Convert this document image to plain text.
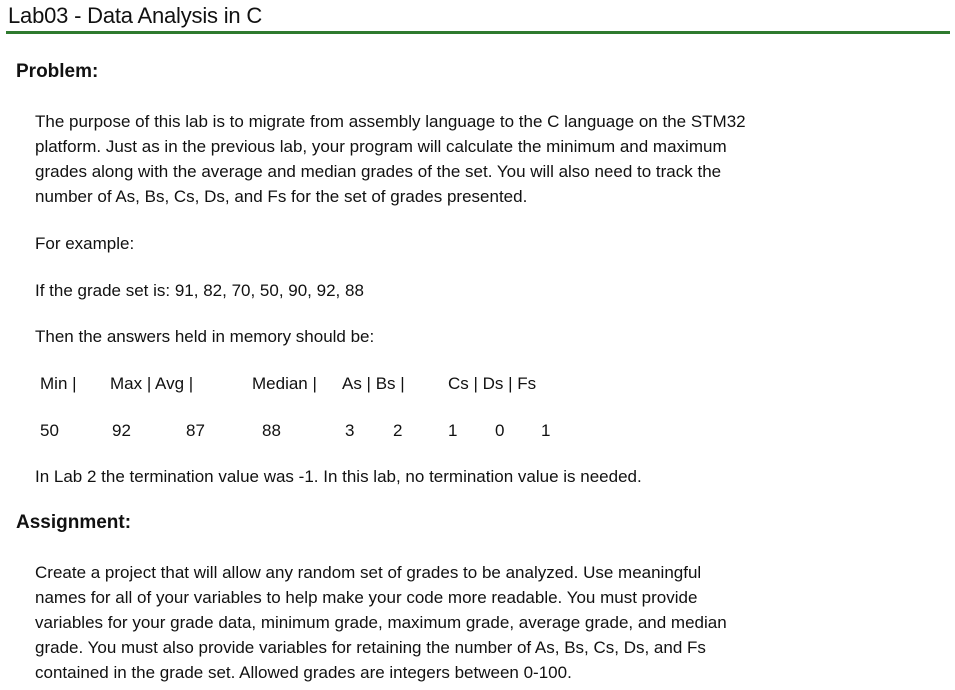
Lab03 - Data Analysis in C
Problem:
The purpose of this lab is to migrate from assembly language to the C language on the STM32
platform. Just as in the previous lab, your program will calculate the minimum and maximum
grades along with the average and median grades of the set. You will also need to track the
number of As, Bs, Cs, Ds, and Fs for the set of grades presented.
For example:
If the grade set is: 91, 82, 70, 50, 90, 92, 88
Then the answers held in memory should be:
Min | Max | Avg |	Median | As | Bs |	Cs | Ds | Fs
50	92	87	88	3 2	1 0 1
In Lab 2 the termination value was -1. In this lab, no termination value is needed.
Assignment:
Create a project that will allow any random set of grades to be analyzed. Use meaningful
names for all of your variables to help make your code more readable. You must provide
variables for your grade data, minimum grade, maximum grade, average grade, and median
grade. You must also provide variables for retaining the number of As, Bs, Cs, Ds, and Fs
contained in the grade set. Allowed grades are integers between 0-100.
